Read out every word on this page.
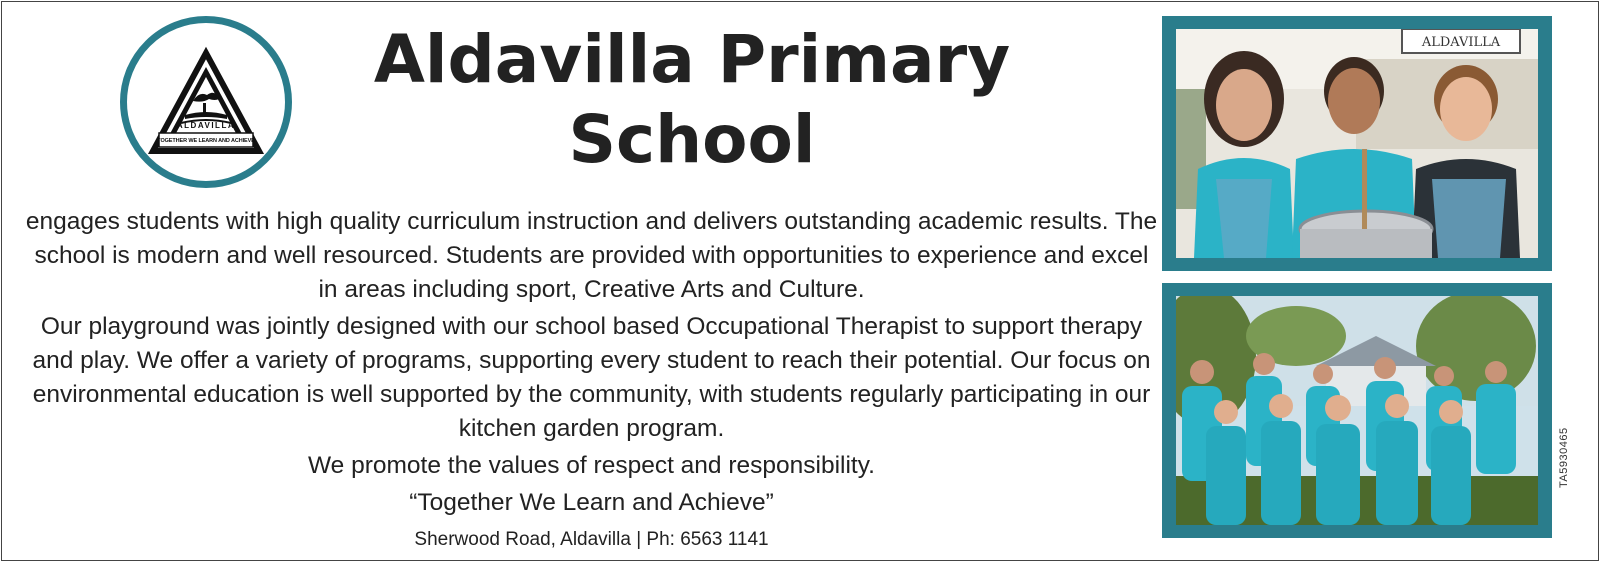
ALDAVILLA
TOGETHER WE LEARN AND ACHIEVE
Aldavilla Primary School

engages students with high quality curriculum instruction and delivers outstanding academic results. The school is modern and well resourced. Students are provided with opportunities to experience and excel in areas including sport, Creative Arts and Culture.

Our playground was jointly designed with our school based Occupational Therapist to support therapy and play. We offer a variety of programs, supporting every student to reach their potential. Our focus on environmental education is well supported by the community, with students regularly participating in our kitchen garden program.

We promote the values of respect and responsibility.

“Together We Learn and Achieve”

Sherwood Road, Aldavilla | Ph: 6563 1141

ALDAVILLA
TA5930465
